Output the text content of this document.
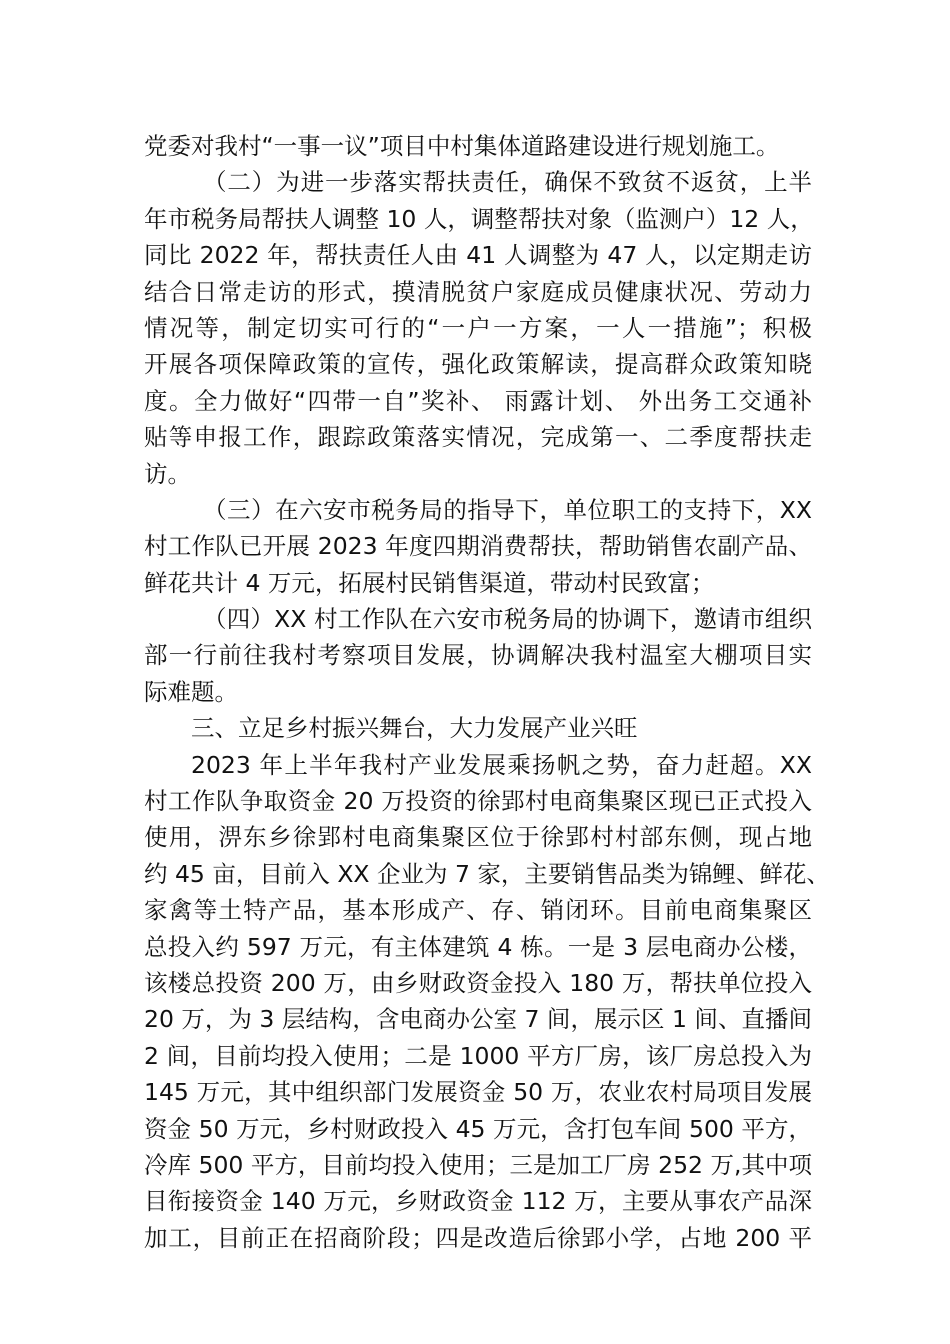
党委对我村“一事一议”项目中村集体道路建设进行规划施工。
（二）为进一步落实帮扶责任，确保不致贫不返贫，上半
年市税务局帮扶人调整 10 人，调整帮扶对象（监测户）12 人，
同比 2022 年，帮扶责任人由 41 人调整为 47 人，以定期走访
结合日常走访的形式，摸清脱贫户家庭成员健康状况、劳动力
情况等，制定切实可行的“一户一方案，一人一措施”；积极
开展各项保障政策的宣传，强化政策解读，提高群众政策知晓
度。全力做好“四带一自”奖补、 雨露计划、 外出务工交通补
贴等申报工作，跟踪政策落实情况，完成第一、二季度帮扶走
访。
（三）在六安市税务局的指导下，单位职工的支持下，XX
村工作队已开展 2023 年度四期消费帮扶，帮助销售农副产品、
鲜花共计 4 万元，拓展村民销售渠道，带动村民致富；
（四）XX 村工作队在六安市税务局的协调下，邀请市组织
部一行前往我村考察项目发展，协调解决我村温室大棚项目实
际难题。
三、立足乡村振兴舞台，大力发展产业兴旺
2023 年上半年我村产业发展乘扬帆之势，奋力赶超。XX
村工作队争取资金 20 万投资的徐郢村电商集聚区现已正式投入
使用，淠东乡徐郢村电商集聚区位于徐郢村村部东侧，现占地
约 45 亩，目前入 XX 企业为 7 家，主要销售品类为锦鲤、鲜花、
家禽等土特产品，基本形成产、存、销闭环。目前电商集聚区
总投入约 597 万元，有主体建筑 4 栋。一是 3 层电商办公楼，
该楼总投资 200 万，由乡财政资金投入 180 万，帮扶单位投入
20 万，为 3 层结构，含电商办公室 7 间，展示区 1 间、直播间
2 间，目前均投入使用；二是 1000 平方厂房，该厂房总投入为
145 万元，其中组织部门发展资金 50 万，农业农村局项目发展
资金 50 万元，乡村财政投入 45 万元，含打包车间 500 平方，
冷库 500 平方，目前均投入使用；三是加工厂房 252 万,其中项
目衔接资金 140 万元，乡财政资金 112 万，主要从事农产品深
加工，目前正在招商阶段；四是改造后徐郢小学，占地 200 平
